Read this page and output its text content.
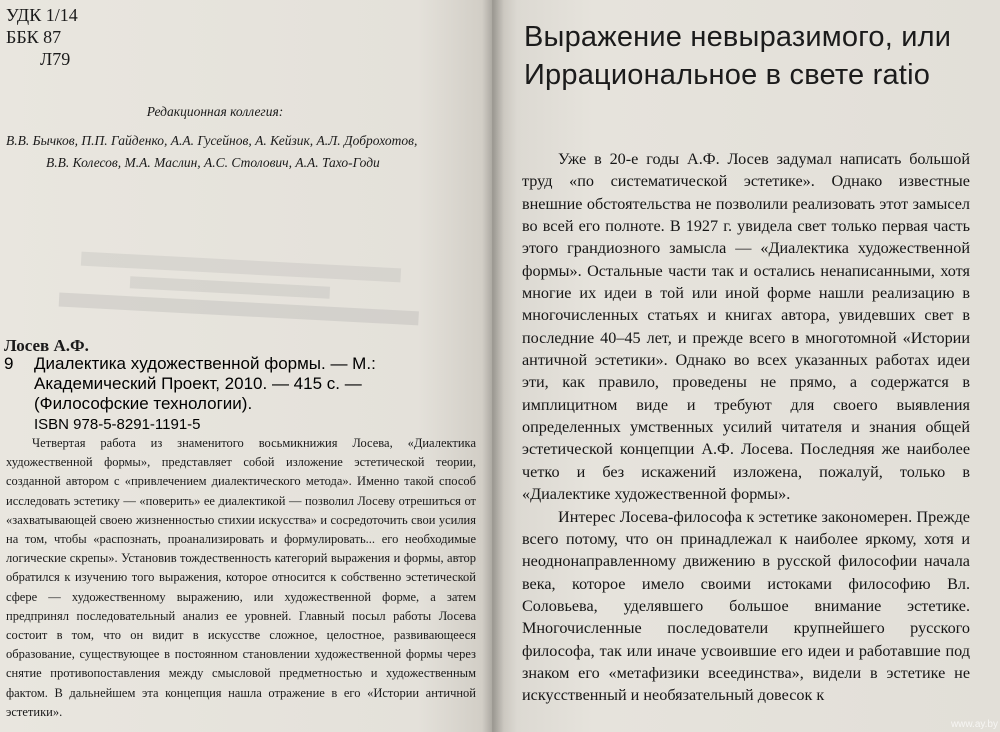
УДК 1/14
ББК 87
Л79
Редакционная коллегия:
В.В. Бычков, П.П. Гайденко, А.А. Гусейнов, А. Кейзик, А.Л. Доброхотов,
В.В. Колесов, М.А. Маслин, А.С. Столович, А.А. Тахо-Годи
Лосев А.Ф.
9	Диалектика художественной формы. — М.: Академический Проект, 2010. — 415 с. — (Философские технологии).
ISBN 978-5-8291-1191-5

Четвертая работа из знаменитого восьмикнижия Лосева, «Диалектика художественной формы», представляет собой изложение эстетической теории, созданной автором с «привлечением диалектического метода». Именно такой способ исследовать эстетику — «поверить» ее диалектикой — позволил Лосеву отрешиться от «захватывающей своею жизненностью стихии искусства» и сосредоточить свои усилия на том, чтобы «распознать, проанализировать и формулировать... его необходимые логические скрепы». Установив тождественность категорий выражения и формы, автор обратился к изучению того выражения, которое относится к собственно эстетической сфере — художественному выражению, или художественной форме, а затем предпринял последовательный анализ ее уровней. Главный посыл работы Лосева состоит в том, что он видит в искусстве сложное, целостное, развивающееся образование, существующее в постоянном становлении художественной формы через снятие противопоставления между смысловой предметностью и художественным фактом. В дальнейшем эта концепция нашла отражение в его «Истории античной эстетики».

Выражение невыразимого, или
Иррациональное в свете ratio

Уже в 20-е годы А.Ф. Лосев задумал написать большой труд «по систематической эстетике». Однако известные внешние обстоятельства не позволили реализовать этот замысел во всей его полноте. В 1927 г. увидела свет только первая часть этого грандиозного замысла — «Диалектика художественной формы». Остальные части так и остались ненаписанными, хотя многие их идеи в той или иной форме нашли реализацию в многочисленных статьях и книгах автора, увидевших свет в последние 40–45 лет, и прежде всего в многотомной «Истории античной эстетики». Однако во всех указанных работах идеи эти, как правило, проведены не прямо, а содержатся в имплицитном виде и требуют для своего выявления определенных умственных усилий читателя и знания общей эстетической концепции А.Ф. Лосева. Последняя же наиболее четко и без искажений изложена, пожалуй, только в «Диалектике художественной формы».

Интерес Лосева-философа к эстетике закономерен. Прежде всего потому, что он принадлежал к наиболее яркому, хотя и неоднонаправленному движению в русской философии начала века, которое имело своими истоками философию Вл. Соловьева, уделявшего большое внимание эстетике. Многочисленные последователи крупнейшего русского философа, так или иначе усвоившие его идеи и работавшие под знаком его «метафизики всеединства», видели в эстетике не искусственный и необязательный довесок к

www.ay.by
